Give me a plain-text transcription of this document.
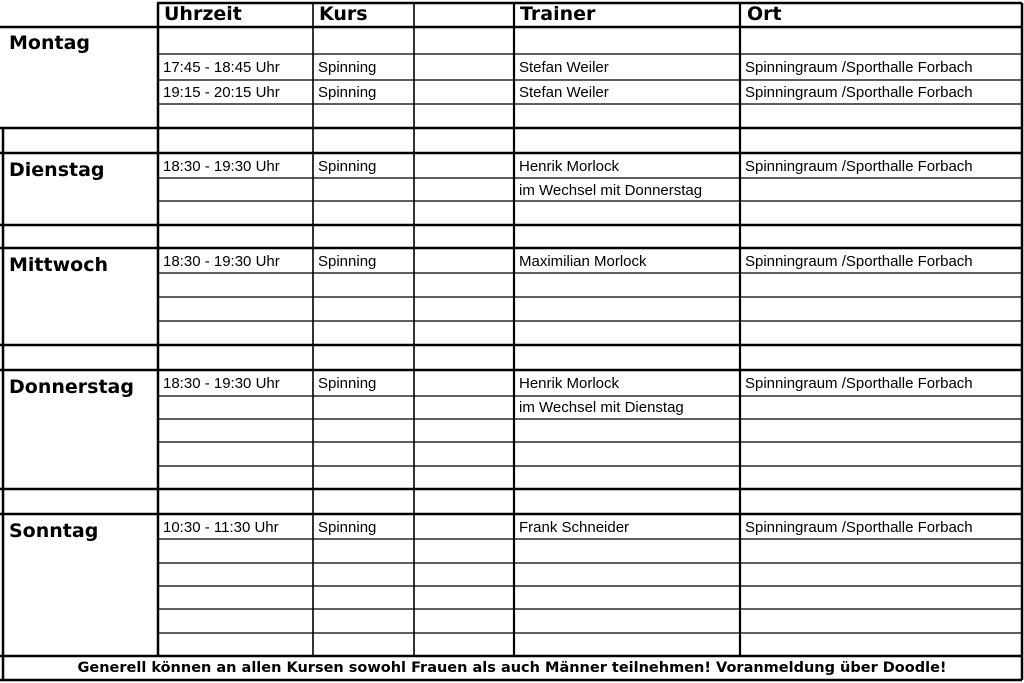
Uhrzeit	Kurs	Trainer	Ort
Montag
17:45 - 18:45 Uhr	Spinning	Stefan Weiler	Spinningraum /Sporthalle Forbach
19:15 - 20:15 Uhr	Spinning	Stefan Weiler	Spinningraum /Sporthalle Forbach
Dienstag	18:30 - 19:30 Uhr	Spinning	Henrik Morlock	Spinningraum /Sporthalle Forbach
im Wechsel mit Donnerstag
Mittwoch	18:30 - 19:30 Uhr	Spinning	Maximilian Morlock	Spinningraum /Sporthalle Forbach
Donnerstag 18:30 - 19:30 Uhr	Spinning	Henrik Morlock	Spinningraum /Sporthalle Forbach
im Wechsel mit Dienstag
Sonntag	10:30 - 11:30 Uhr	Spinning	Frank Schneider	Spinningraum /Sporthalle Forbach
Generell können an allen Kursen sowohl Frauen als auch Männer teilnehmen! Voranmeldung über Doodle!
